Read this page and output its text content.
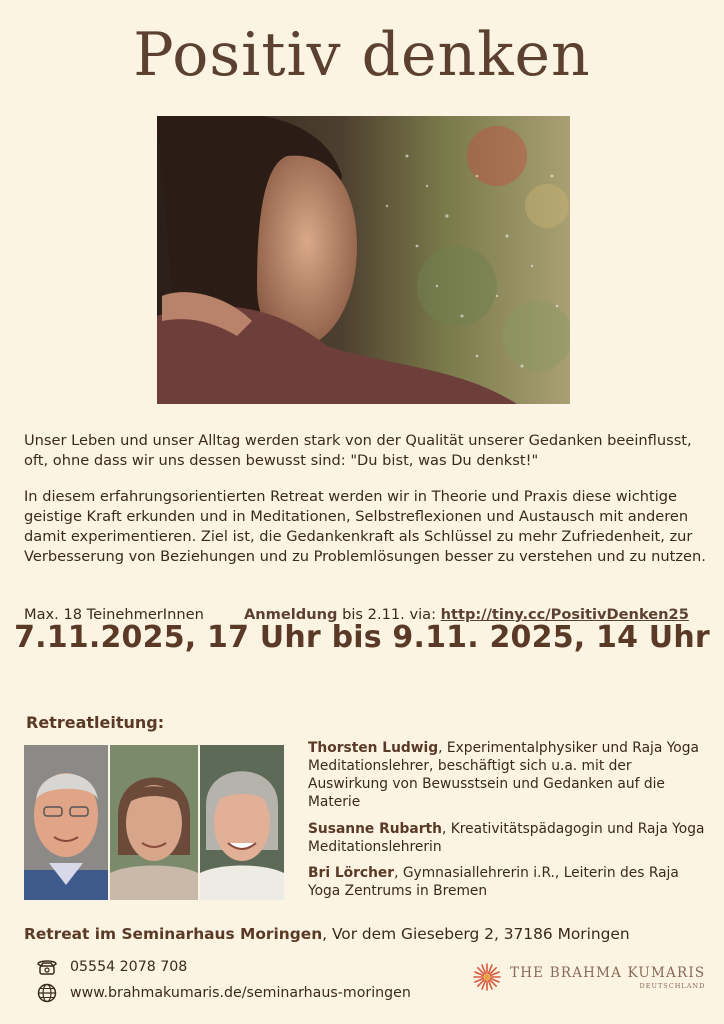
Positiv denken
Unser Leben und unser Alltag werden stark von der Qualität unserer Gedanken beeinflusst, oft, ohne dass wir uns dessen bewusst sind: "Du bist, was Du denkst!"
In diesem erfahrungsorientierten Retreat werden wir in Theorie und Praxis diese wichtige geistige Kraft erkunden und in Meditationen, Selbstreflexionen und Austausch mit anderen damit experimentieren. Ziel ist, die Gedankenkraft als Schlüssel zu mehr Zufriedenheit, zur Verbesserung von Beziehungen und zu Problemlösungen besser zu verstehen und zu nutzen.
Max. 18 TeinehmerInnen	Anmeldung bis 2.11. via: http://tiny.cc/PositivDenken25
7.11.2025, 17 Uhr bis 9.11. 2025, 14 Uhr
Retreatleitung:
Thorsten Ludwig, Experimentalphysiker und Raja Yoga Meditationslehrer, beschäftigt sich u.a. mit der Auswirkung von Bewusstsein und Gedanken auf die Materie
Susanne Rubarth, Kreativitätspädagogin und Raja Yoga Meditationslehrerin
Bri Lörcher, Gymnasiallehrerin i.R., Leiterin des Raja Yoga Zentrums in Bremen
Retreat im Seminarhaus Moringen, Vor dem Gieseberg 2, 37186 Moringen
05554 2078 708
www.brahmakumaris.de/seminarhaus-moringen
THE BRAHMA KUMARIS
DEUTSCHLAND
